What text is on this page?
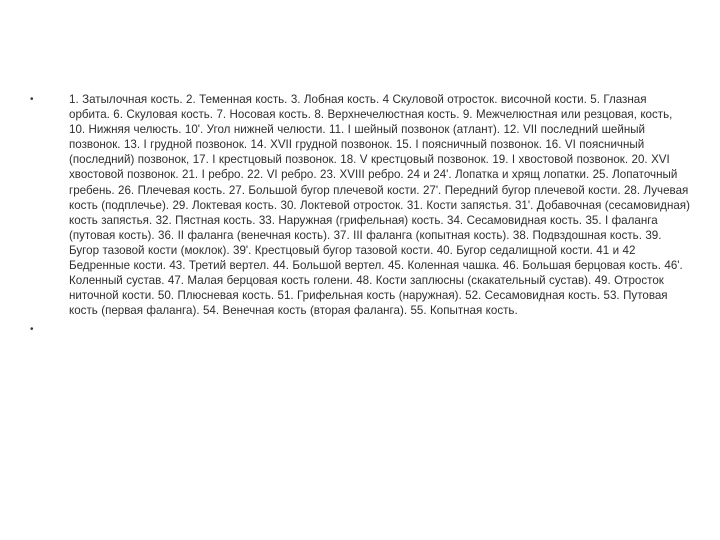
•	1. Затылочная кость. 2. Теменная кость. 3. Лобная кость. 4 Скуловой отросток. височной кости. 5. Глазная орбита. 6. Скуловая кость. 7. Носовая кость. 8. Верхнечелюстная кость. 9. Межчелюстная или резцовая, кость, 10. Нижняя челюсть. 10'. Угол нижней челюсти. 11. I шейный позвонок (атлант). 12. VII последний шейный позвонок. 13. I грудной позвонок. 14. XVII грудной позвонок. 15. I поясничный позвонок. 16. VI поясничный (последний) позвонок, 17. I крестцовый позвонок. 18. V крестцовый позвонок. 19. I хвостовой позвонок. 20. XVI хвостовой позвонок. 21. I ребро. 22. VI ребро. 23. XVIII ребро. 24 и 24'. Лопатка и хрящ лопатки. 25. Лопаточный гребень. 26. Плечевая кость. 27. Большой бугор плечевой кости. 27'. Передний бугор плечевой кости. 28. Лучевая кость (подплечье). 29. Локтевая кость. 30. Локтевой отросток. 31. Кости запястья. 31'. Добавочная (сесамовидная) кость запястья. 32. Пястная кость. 33. Наружная (грифельная) кость. 34. Сесамовидная кость. 35. I фаланга (путовая кость). 36. II фаланга (венечная кость). 37. III фаланга (копытная кость). 38. Подвздошная кость. 39. Бугор тазовой кости (моклок). 39'. Крестцовый бугор тазовой кости. 40. Бугор седалищной кости. 41 и 42 Бедренные кости. 43. Третий вертел. 44. Большой вертел. 45. Коленная чашка. 46. Большая берцовая кость. 46'. Коленный сустав. 47. Малая берцовая кость голени. 48. Кости заплюсны (скакательный сустав). 49. Отросток ниточной кости. 50. Плюсневая кость. 51. Грифельная кость (наружная). 52. Сесамовидная кость. 53. Путовая кость (первая фаланга). 54. Венечная кость (вторая фаланга). 55. Копытная кость.
•
